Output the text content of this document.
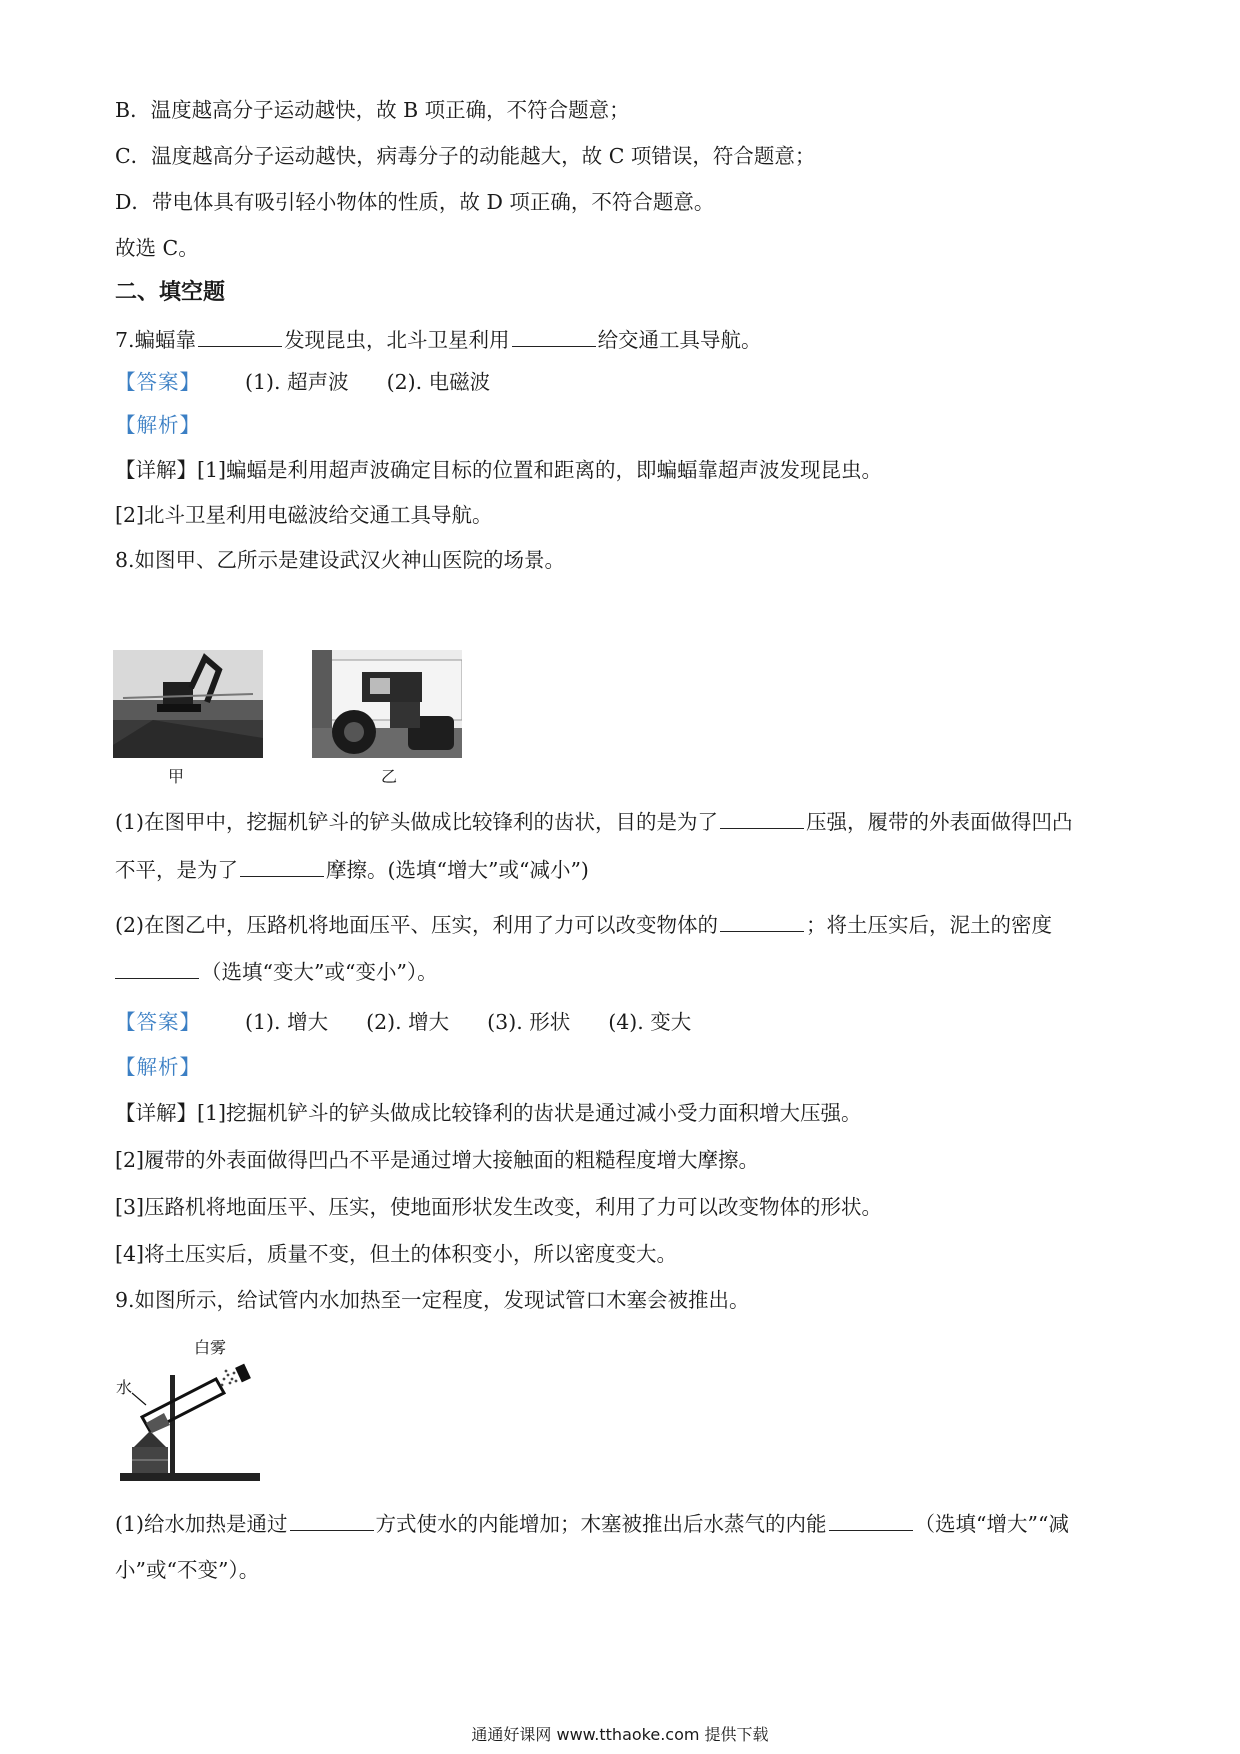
B．温度越高分子运动越快，故 B 项正确，不符合题意；
C．温度越高分子运动越快，病毒分子的动能越大，故 C 项错误，符合题意；
D．带电体具有吸引轻小物体的性质，故 D 项正确，不符合题意。
故选 C。
二、填空题
7.蝙蝠靠	发现昆虫，北斗卫星利用	给交通工具导航。
【答案】 (1). 超声波 (2). 电磁波
【解析】
【详解】[1]蝙蝠是利用超声波确定目标的位置和距离的，即蝙蝠靠超声波发现昆虫。
[2]北斗卫星利用电磁波给交通工具导航。
8.如图甲、乙所示是建设武汉火神山医院的场景。
甲	乙
(1)在图甲中，挖掘机铲斗的铲头做成比较锋利的齿状，目的是为了	压强，履带的外表面做得凹凸
不平，是为了	摩擦。(选填“增大”或“减小”)
(2)在图乙中，压路机将地面压平、压实，利用了力可以改变物体的	；将土压实后，泥土的密度
（选填“变大”或“变小”）。
【答案】 (1). 增大 (2). 增大 (3). 形状 (4). 变大
【解析】
【详解】[1]挖掘机铲斗的铲头做成比较锋利的齿状是通过减小受力面积增大压强。
[2]履带的外表面做得凹凸不平是通过增大接触面的粗糙程度增大摩擦。
[3]压路机将地面压平、压实，使地面形状发生改变，利用了力可以改变物体的形状。
[4]将土压实后，质量不变，但土的体积变小，所以密度变大。
9.如图所示，给试管内水加热至一定程度，发现试管口木塞会被推出。
白雾
水
(1)给水加热是通过	方式使水的内能增加；木塞被推出后水蒸气的内能	（选填“增大”“减
小”或“不变”）。
通通好课网 www.tthaoke.com 提供下载
